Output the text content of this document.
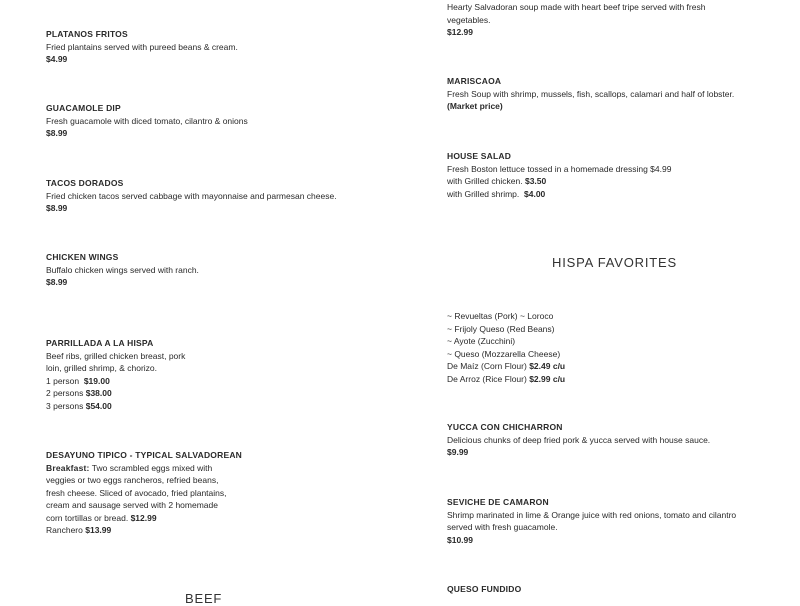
PLATANOS FRITOS
Fried plantains served with pureed beans & cream.
$4.99
GUACAMOLE DIP
Fresh guacamole with diced tomato, cilantro & onions
$8.99
TACOS DORADOS
Fried chicken tacos served cabbage with mayonnaise and parmesan cheese.
$8.99
CHICKEN WINGS
Buffalo chicken wings served with ranch.
$8.99
PARRILLADA A LA HISPA
Beef ribs, grilled chicken breast, pork
loin, grilled shrimp, & chorizo.
1 person $19.00
2 persons $38.00
3 persons $54.00
DESAYUNO TIPICO - TYPICAL SALVADOREAN
Breakfast: Two scrambled eggs mixed with
veggies or two eggs rancheros, refried beans,
fresh cheese. Sliced of avocado, fried plantains,
cream and sausage served with 2 homemade
corn tortillas or bread. $12.99
Ranchero $13.99
BEEF
Hearty Salvadoran soup made with heart beef tripe served with fresh
vegetables.
$12.99
MARISCAOA
Fresh Soup with shrimp, mussels, fish, scallops, calamari and half of lobster.
(Market price)
HOUSE SALAD
Fresh Boston lettuce tossed in a homemade dressing $4.99
with Grilled chicken. $3.50
with Grilled shrimp. $4.00
HISPA FAVORITES
~ Revueltas (Pork) ~ Loroco
~ Frijoly Queso (Red Beans)
~ Ayote (Zucchini)
~ Queso (Mozzarella Cheese)
De Maíz (Corn Flour) $2.49 c/u
De Arroz (Rice Flour) $2.99 c/u
YUCCA CON CHICHARRON
Delicious chunks of deep fried pork & yucca served with house sauce.
$9.99
SEVICHE DE CAMARON
Shrimp marinated in lime & Orange juice with red onions, tomato and cilantro
served with fresh guacamole.
$10.99
QUESO FUNDIDO
